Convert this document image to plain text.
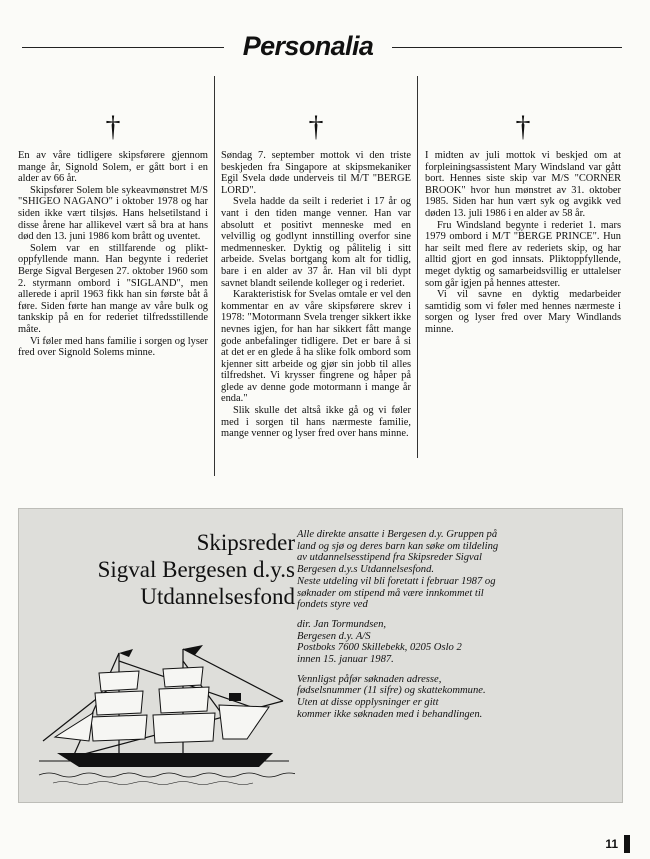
Personalia
†

En av våre tidligere skipsførere gjennom mange år, Signold Solem, er gått bort i en alder av 66 år.

Skipsfører Solem ble sykeavmønstret M/S "SHIGEO NAGANO" i oktober 1978 og har siden ikke vært tilsjøs. Hans helsetilstand i disse årene har allikevel vært så bra at hans død den 13. juni 1986 kom brått og uventet.

Solem var en stillfarende og plikt-oppfyllende mann. Han begynte i rederiet Berge Sigval Bergesen 27. oktober 1960 som 2. styrmann ombord i "SIGLAND", men allerede i april 1963 fikk han sin første båt å føre. Siden førte han mange av våre bulk og tankskip på en for rederiet tilfredsstillende måte.

Vi føler med hans familie i sorgen og lyser fred over Signold Solems minne.

†

Søndag 7. september mottok vi den triste beskjeden fra Singapore at skipsmekaniker Egil Svela døde underveis til M/T "BERGE LORD".

Svela hadde da seilt i rederiet i 17 år og vant i den tiden mange venner. Han var absolutt et positivt menneske med en velvillig og godlynt innstilling overfor sine medmennesker. Dyktig og pålitelig i sitt arbeide. Svelas bortgang kom alt for tidlig, bare i en alder av 37 år. Han vil bli dypt savnet blandt seilende kolleger og i rederiet.

Karakteristisk for Svelas omtale er vel den kommentar en av våre skipsførere skrev i 1978: "Motormann Svela trenger sikkert ikke nevnes igjen, for han har sikkert fått mange gode anbefalinger tidligere. Det er bare å si at det er en glede å ha slike folk ombord som kjenner sitt arbeide og gjør sin jobb til alles tilfredshet. Vi krysser fingrene og håper på glede av denne gode motormann i mange år enda."

Slik skulle det altså ikke gå og vi føler med i sorgen til hans nærmeste familie, mange venner og lyser fred over hans minne.

†

I midten av juli mottok vi beskjed om at forpleiningsassistent Mary Windsland var gått bort. Hennes siste skip var M/S "CORNER BROOK" hvor hun mønstret av 31. oktober 1985. Siden har hun vært syk og avgikk ved døden 13. juli 1986 i en alder av 58 år.

Fru Windsland begynte i rederiet 1. mars 1979 ombord i M/T "BERGE PRINCE". Hun har seilt med flere av rederiets skip, og har alltid gjort en god innsats. Pliktoppfyllende, meget dyktig og samarbeidsvillig er uttalelser som går igjen på hennes attester.

Vi vil savne en dyktig medarbeider samtidig som vi føler med hennes nærmeste i sorgen og lyser fred over Mary Windlands minne.

Skipsreder
Sigval Bergesen d.y.s
Utdannelsesfond

Alle direkte ansatte i Bergesen d.y. Gruppen på
land og sjø og deres barn kan søke om tildeling
av utdannelsesstipend fra Skipsreder Sigval
Bergesen d.y.s Utdannelsesfond.
Neste utdeling vil bli foretatt i februar 1987 og
søknader om stipend må være innkommet til
fondets styre ved

dir. Jan Tormundsen,
Bergesen d.y. A/S
Postboks 7600 Skillebekk, 0205 Oslo 2
innen 15. januar 1987.

Vennligst påfør søknaden adresse,
fødselsnummer (11 sifre) og skattekommune.
Uten at disse opplysninger er gitt
kommer ikke søknaden med i behandlingen.

11
